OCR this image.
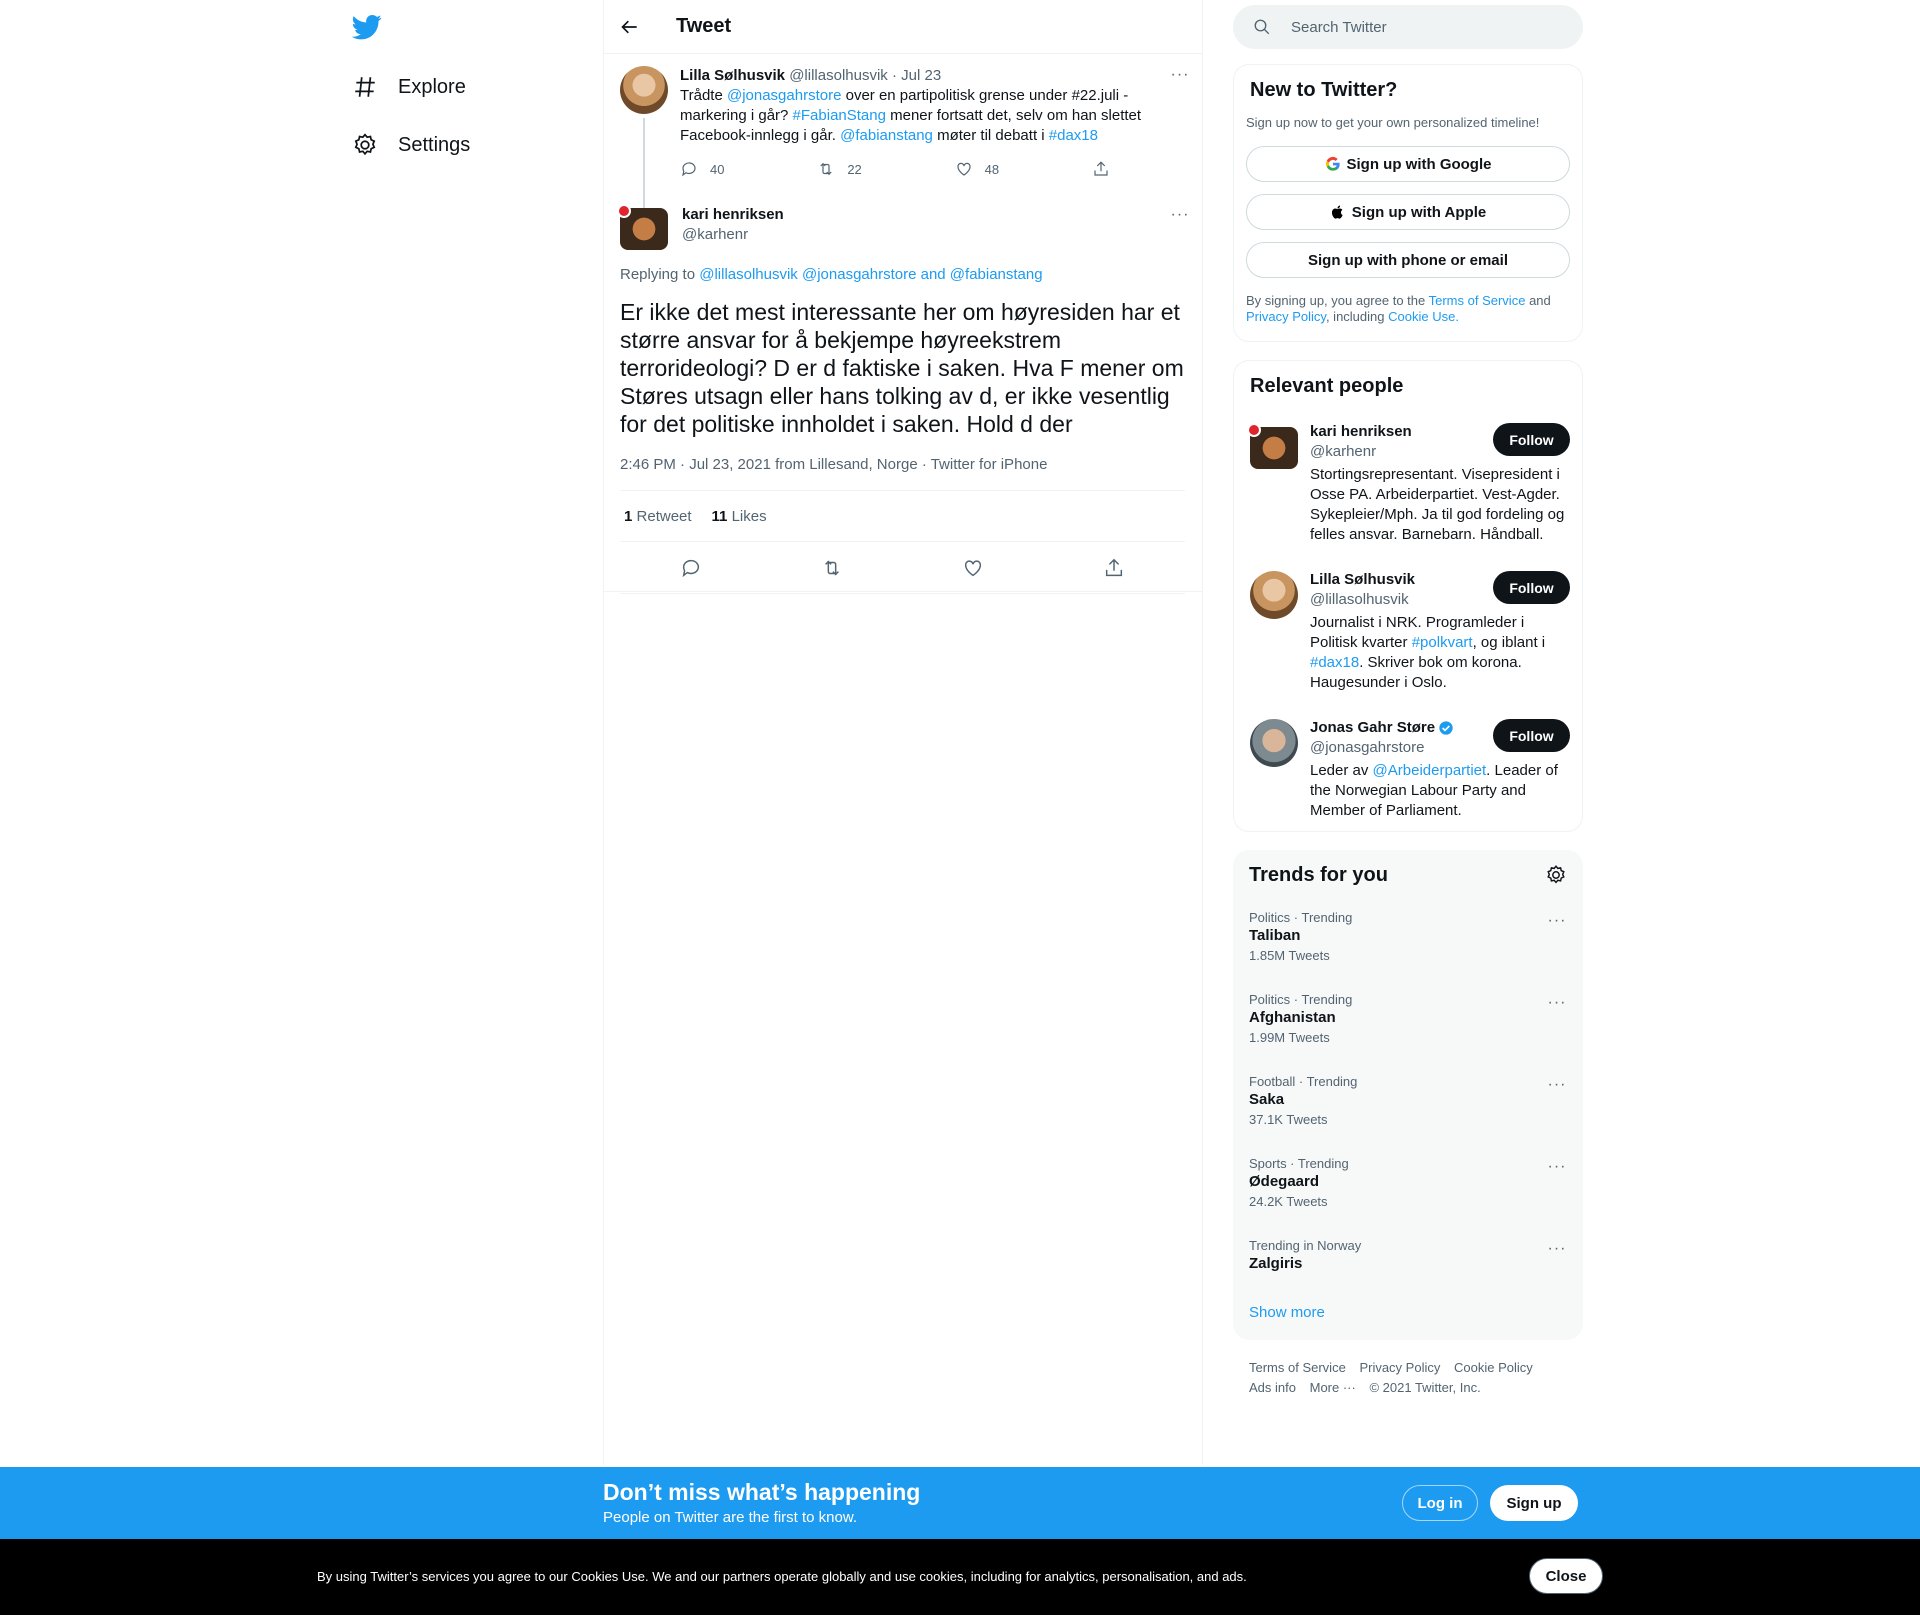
Explore
Settings
Tweet
Lilla Sølhusvik @lillasolhusvik · Jul 23
Trådte @jonasgahrstore over en partipolitisk grense under #22.juli -markering i går? #FabianStang mener fortsatt det, selv om han slettet Facebook-innlegg i går. @fabianstang møter til debatt i #dax18
···
40	22	48
kari henriksen
@karhenr
···
Replying to @lillasolhusvik @jonasgahrstore and @fabianstang
Er ikke det mest interessante her om høyresiden har et større ansvar for å bekjempe høyreekstrem terrorideologi? D er d faktiske i saken. Hva F mener om Støres utsagn eller hans tolking av d, er ikke vesentlig for det politiske innholdet i saken. Hold d der
2:46 PM · Jul 23, 2021 from Lillesand, Norge · Twitter for iPhone
1 Retweet 11 Likes
Search Twitter
New to Twitter?
Sign up now to get your own personalized timeline!
Sign up with Google
Sign up with Apple
Sign up with phone or email
By signing up, you agree to the Terms of Service and Privacy Policy, including Cookie Use.
Relevant people
kari henriksen
@karhenr
Follow
Stortingsrepresentant. Visepresident i Osse PA. Arbeiderpartiet. Vest-Agder. Sykepleier/Mph. Ja til god fordeling og felles ansvar. Barnebarn. Håndball.
Lilla Sølhusvik
@lillasolhusvik
Follow
Journalist i NRK. Programleder i Politisk kvarter #polkvart, og iblant i #dax18. Skriver bok om korona. Haugesunder i Oslo.
Jonas Gahr Støre
@jonasgahrstore
Follow
Leder av @Arbeiderpartiet. Leader of the Norwegian Labour Party and Member of Parliament.
Trends for you
Politics · Trending
Taliban
1.85M Tweets
···
Politics · Trending
Afghanistan
1.99M Tweets
···
Football · Trending
Saka
37.1K Tweets
···
Sports · Trending
Ødegaard
24.2K Tweets
···
Trending in Norway
Zalgiris
···
Show more
Terms of Service Privacy Policy Cookie Policy
Ads info More ··· © 2021 Twitter, Inc.
Don’t miss what’s happening
People on Twitter are the first to know.
Log in	Sign up
By using Twitter’s services you agree to our Cookies Use. We and our partners operate globally and use cookies, including for analytics, personalisation, and ads.	Close
